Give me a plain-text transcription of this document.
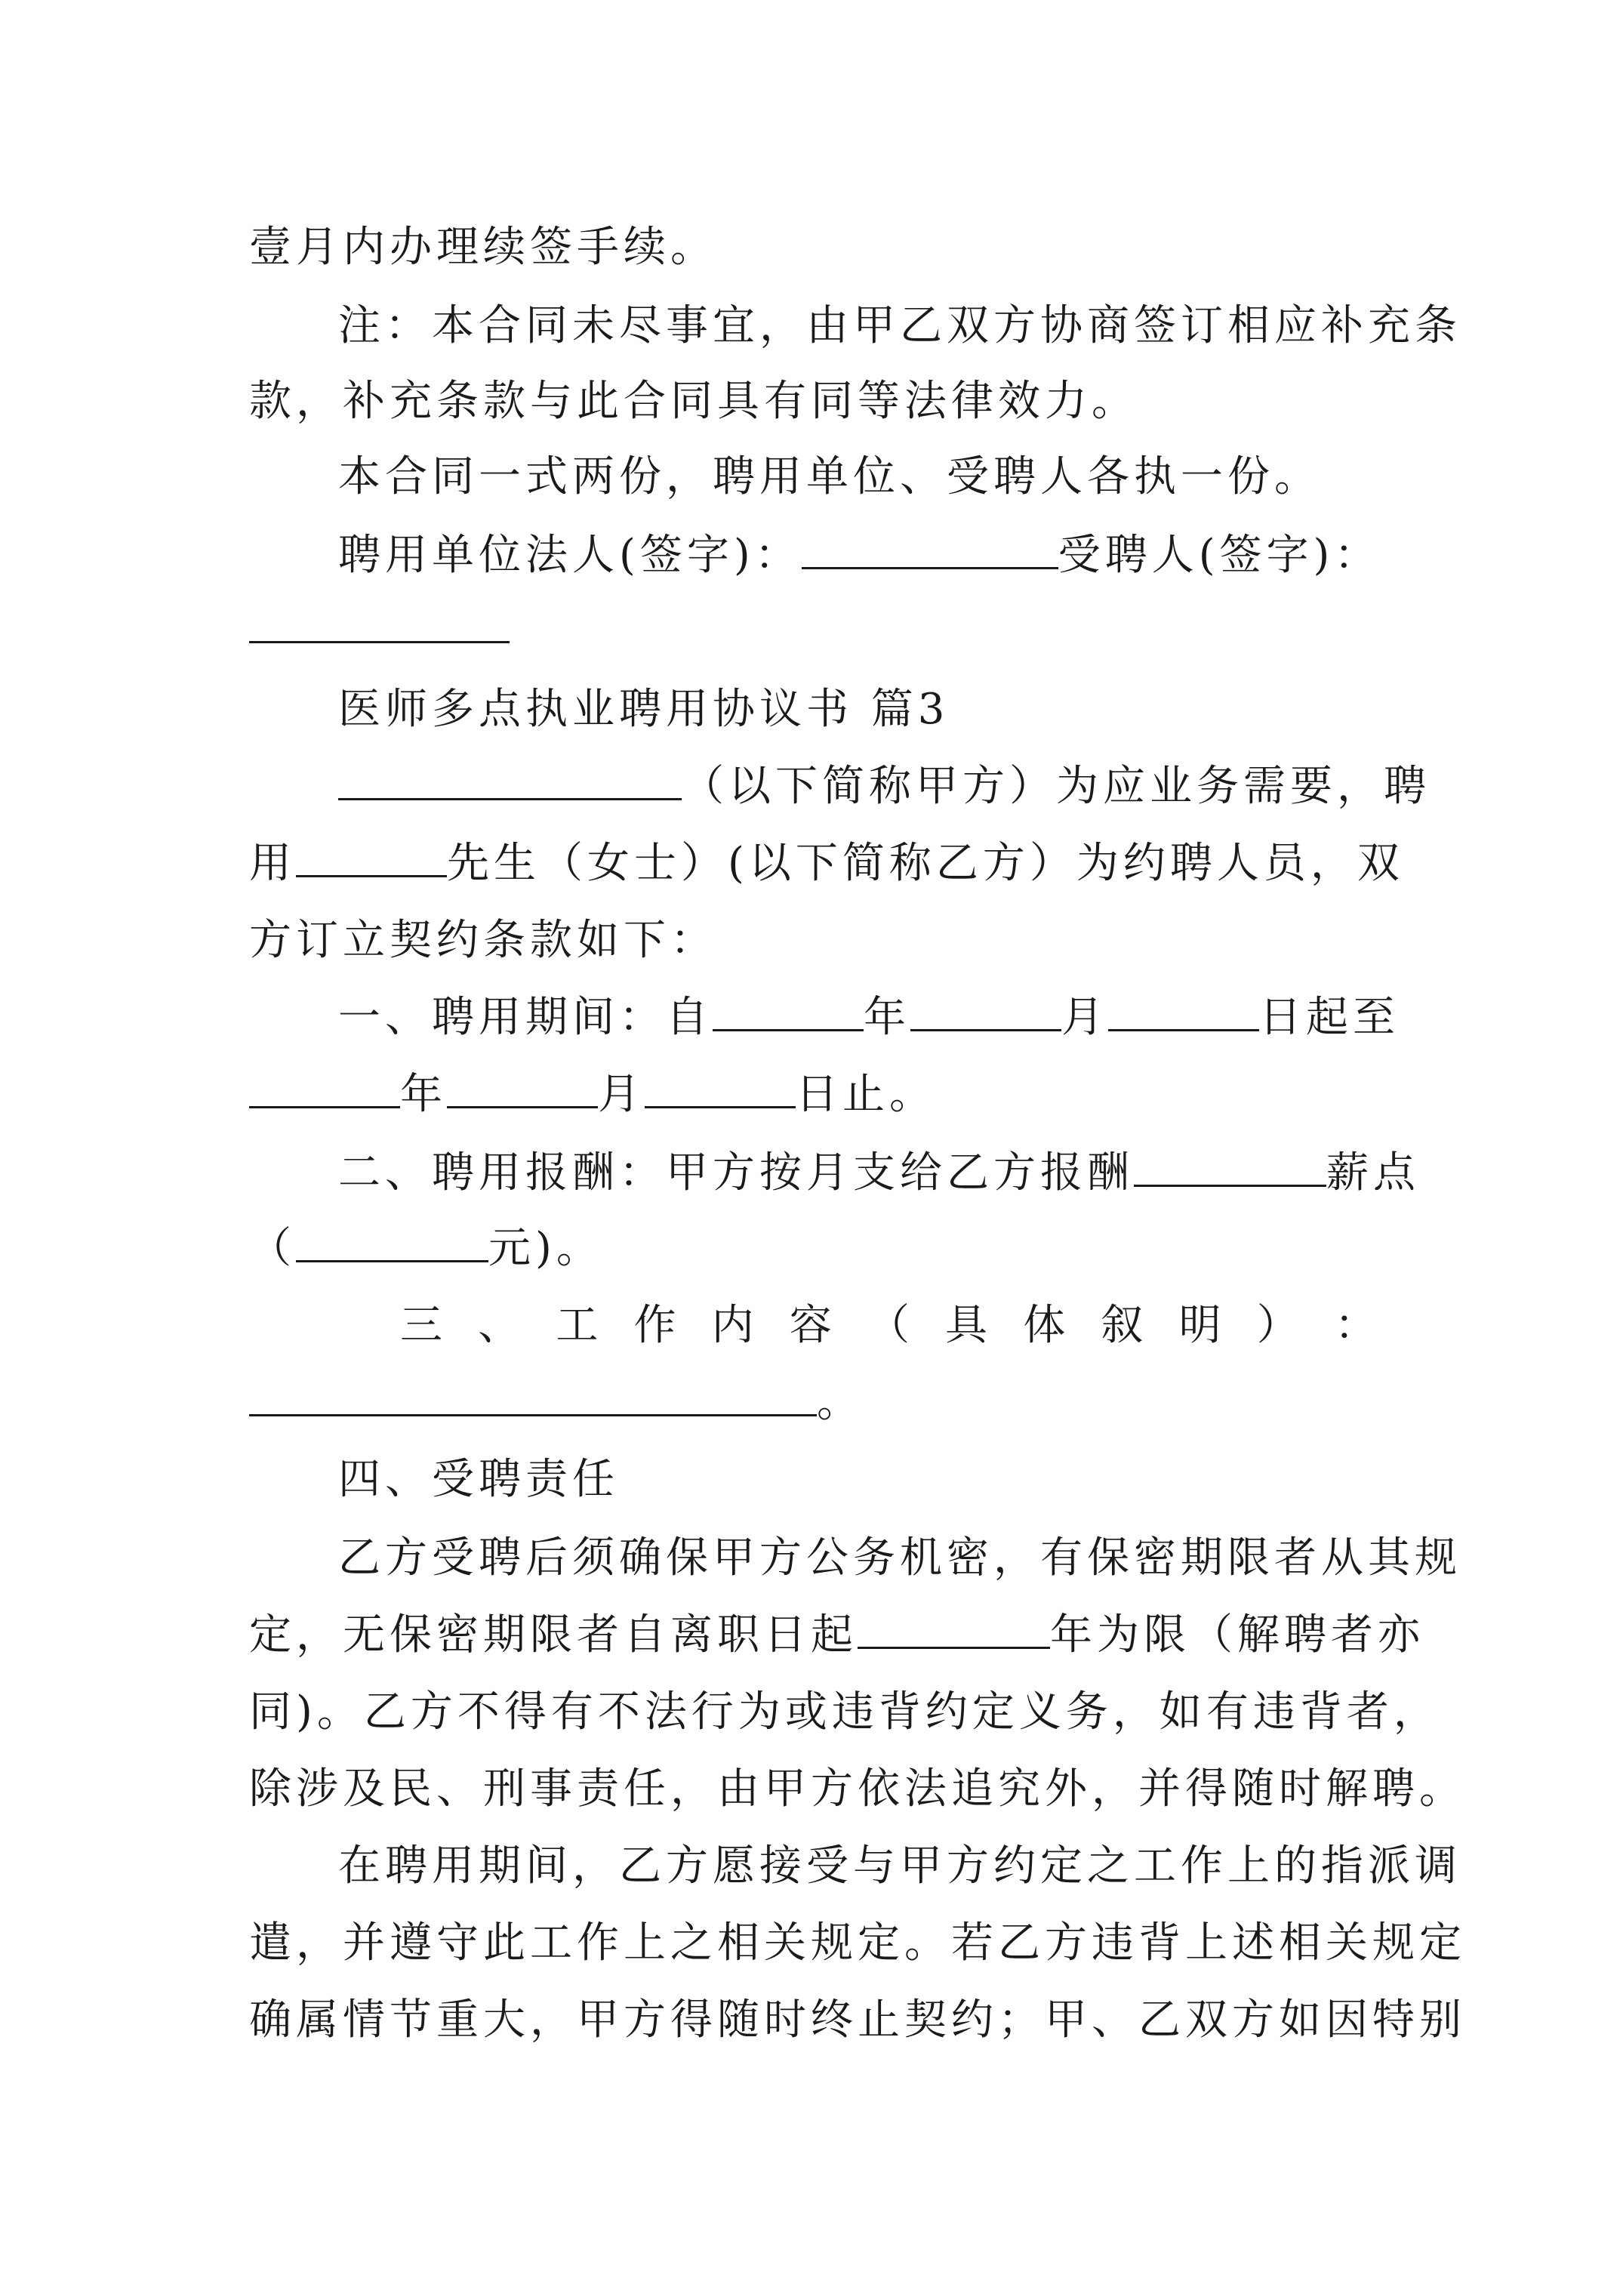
壹月内办理续签手续。
注：本合同未尽事宜，由甲乙双方协商签订相应补充条
款，补充条款与此合同具有同等法律效力。
本合同一式两份，聘用单位、受聘人各执一份。
聘用单位法人(签字)：	受聘人(签字)：
医师多点执业聘用协议书 篇3
（以下简称甲方）为应业务需要，聘
用	先生（女士）(以下简称乙方）为约聘人员，双
方订立契约条款如下：
一、聘用期间：自	年	月	日起至
年	月	日止。
二、聘用报酬：甲方按月支给乙方报酬	薪点
（	元)。
三 、 工 作 内 容 （ 具 体 叙 明 ） ：
。
四、受聘责任
乙方受聘后须确保甲方公务机密，有保密期限者从其规
定，无保密期限者自离职日起	年为限（解聘者亦
同)。乙方不得有不法行为或违背约定义务，如有违背者，
除涉及民、刑事责任，由甲方依法追究外，并得随时解聘。
在聘用期间，乙方愿接受与甲方约定之工作上的指派调
遣，并遵守此工作上之相关规定。若乙方违背上述相关规定
确属情节重大，甲方得随时终止契约；甲、乙双方如因特别
